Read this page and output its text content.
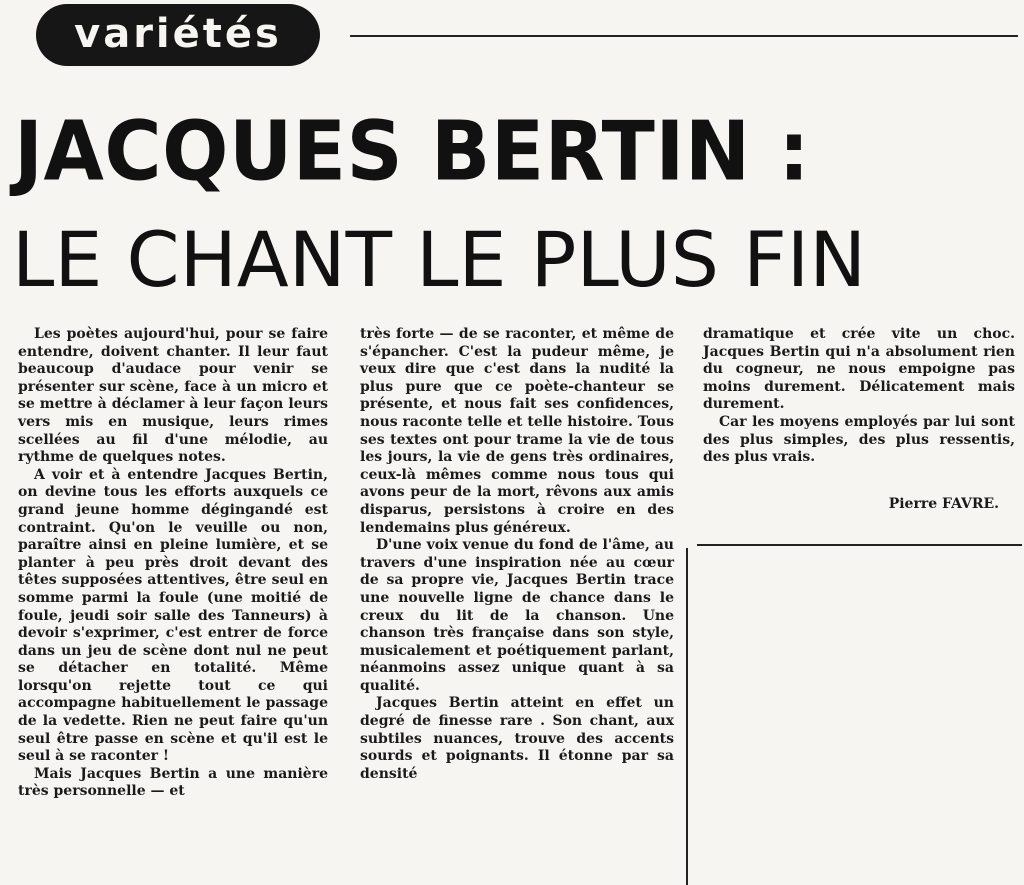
variétés
JACQUES BERTIN :
LE CHANT LE PLUS FIN

Les poètes aujourd'hui, pour se faire entendre, doivent chanter. Il leur faut beaucoup d'audace pour venir se présenter sur scène, face à un micro et se mettre à déclamer à leur façon leurs vers mis en musique, leurs rimes scellées au fil d'une mélodie, au rythme de quelques notes.

A voir et à entendre Jacques Bertin, on devine tous les efforts auxquels ce grand jeune homme dégingandé est contraint. Qu'on le veuille ou non, paraître ainsi en pleine lumière, et se planter à peu près droit devant des têtes supposées attentives, être seul en somme parmi la foule (une moitié de foule, jeudi soir salle des Tanneurs) à devoir s'exprimer, c'est entrer de force dans un jeu de scène dont nul ne peut se détacher en totalité. Même lorsqu'on rejette tout ce qui accompagne habituellement le passage de la vedette. Rien ne peut faire qu'un seul être passe en scène et qu'il est le seul à se raconter !

Mais Jacques Bertin a une manière très personnelle — et

très forte — de se raconter, et même de s'épancher. C'est la pudeur même, je veux dire que c'est dans la nudité la plus pure que ce poète-chanteur se présente, et nous fait ses confidences, nous raconte telle et telle histoire. Tous ses textes ont pour trame la vie de tous les jours, la vie de gens très ordinaires, ceux-là mêmes comme nous tous qui avons peur de la mort, rêvons aux amis disparus, persistons à croire en des lendemains plus généreux.

D'une voix venue du fond de l'âme, au travers d'une inspiration née au cœur de sa propre vie, Jacques Bertin trace une nouvelle ligne de chance dans le creux du lit de la chanson. Une chanson très française dans son style, musicalement et poétiquement parlant, néanmoins assez unique quant à sa qualité.

Jacques Bertin atteint en effet un degré de finesse rare . Son chant, aux subtiles nuances, trouve des accents sourds et poignants. Il étonne par sa densité

dramatique et crée vite un choc. Jacques Bertin qui n'a absolument rien du cogneur, ne nous empoigne pas moins durement. Délicatement mais durement.

Car les moyens employés par lui sont des plus simples, des plus ressentis, des plus vrais.

Pierre FAVRE.
